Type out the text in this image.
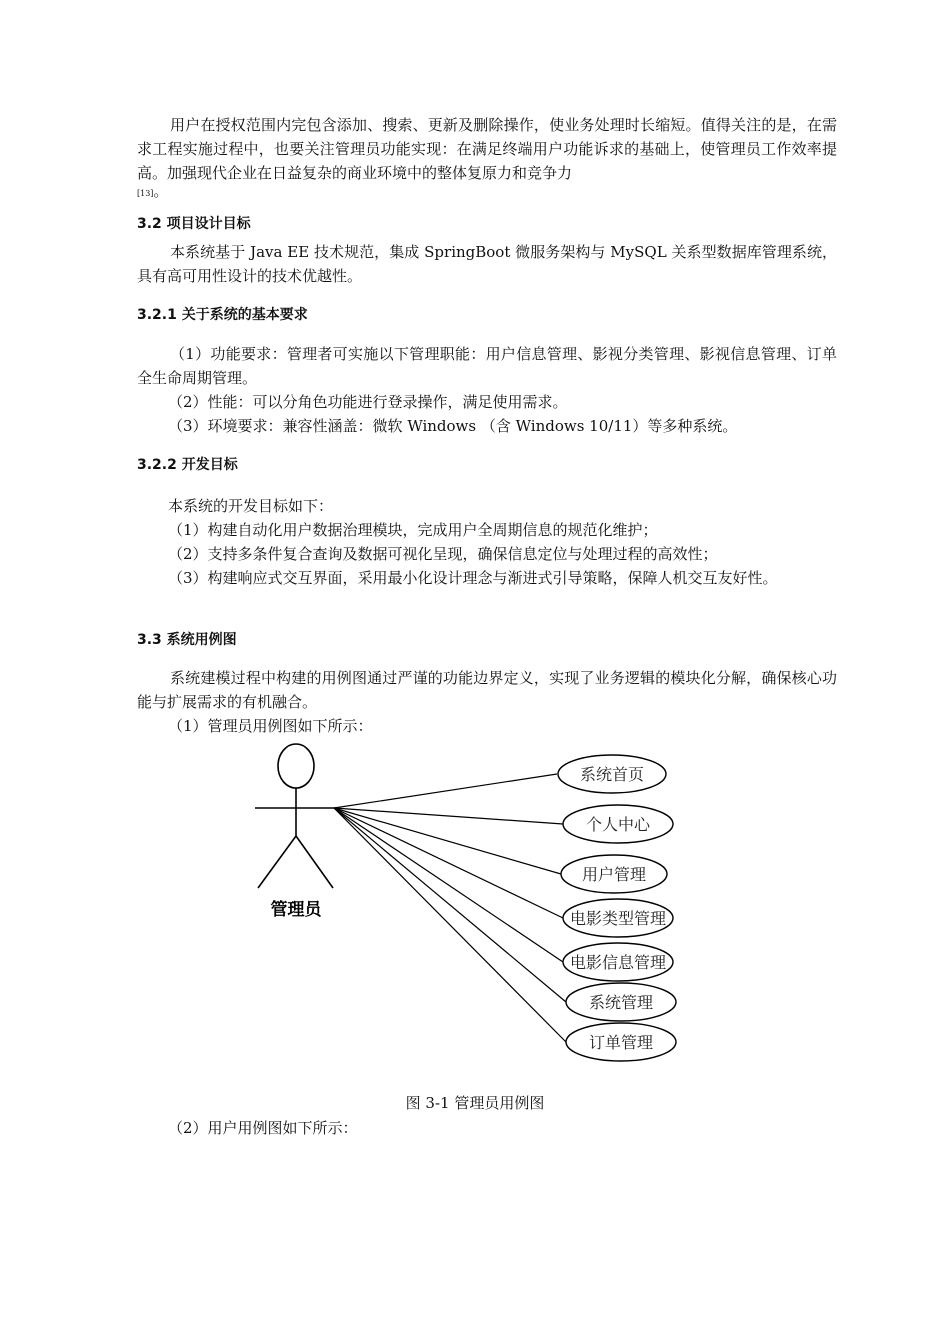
用户在授权范围内完包含添加、搜索、更新及删除操作，使业务处理时长缩短。值得关注的是，在需求工程实施过程中，也要关注管理员功能实现：在满足终端用户功能诉求的基础上，使管理员工作效率提高。加强现代企业在日益复杂的商业环境中的整体复原力和竞争力

[13]。
3.2 项目设计目标

本系统基于 Java EE 技术规范，集成 SpringBoot 微服务架构与 MySQL 关系型数据库管理系统，具有高可用性设计的技术优越性。

3.2.1 关于系统的基本要求

（1）功能要求：管理者可实施以下管理职能：用户信息管理、影视分类管理、影视信息管理、订单全生命周期管理。

（2）性能：可以分角色功能进行登录操作，满足使用需求。

（3）环境要求：兼容性涵盖：微软 Windows （含 Windows 10/11）等多种系统。

3.2.2 开发目标

本系统的开发目标如下：

（1）构建自动化用户数据治理模块，完成用户全周期信息的规范化维护；

（2）支持多条件复合查询及数据可视化呈现，确保信息定位与处理过程的高效性；

（3）构建响应式交互界面，采用最小化设计理念与渐进式引导策略，保障人机交互友好性。

3.3 系统用例图

系统建模过程中构建的用例图通过严谨的功能边界定义，实现了业务逻辑的模块化分解，确保核心功能与扩展需求的有机融合。

（1）管理员用例图如下所示：

管理员
系统首页
个人中心
用户管理
电影类型管理
电影信息管理
系统管理
订单管理
图 3-1 管理员用例图

（2）用户用例图如下所示：
